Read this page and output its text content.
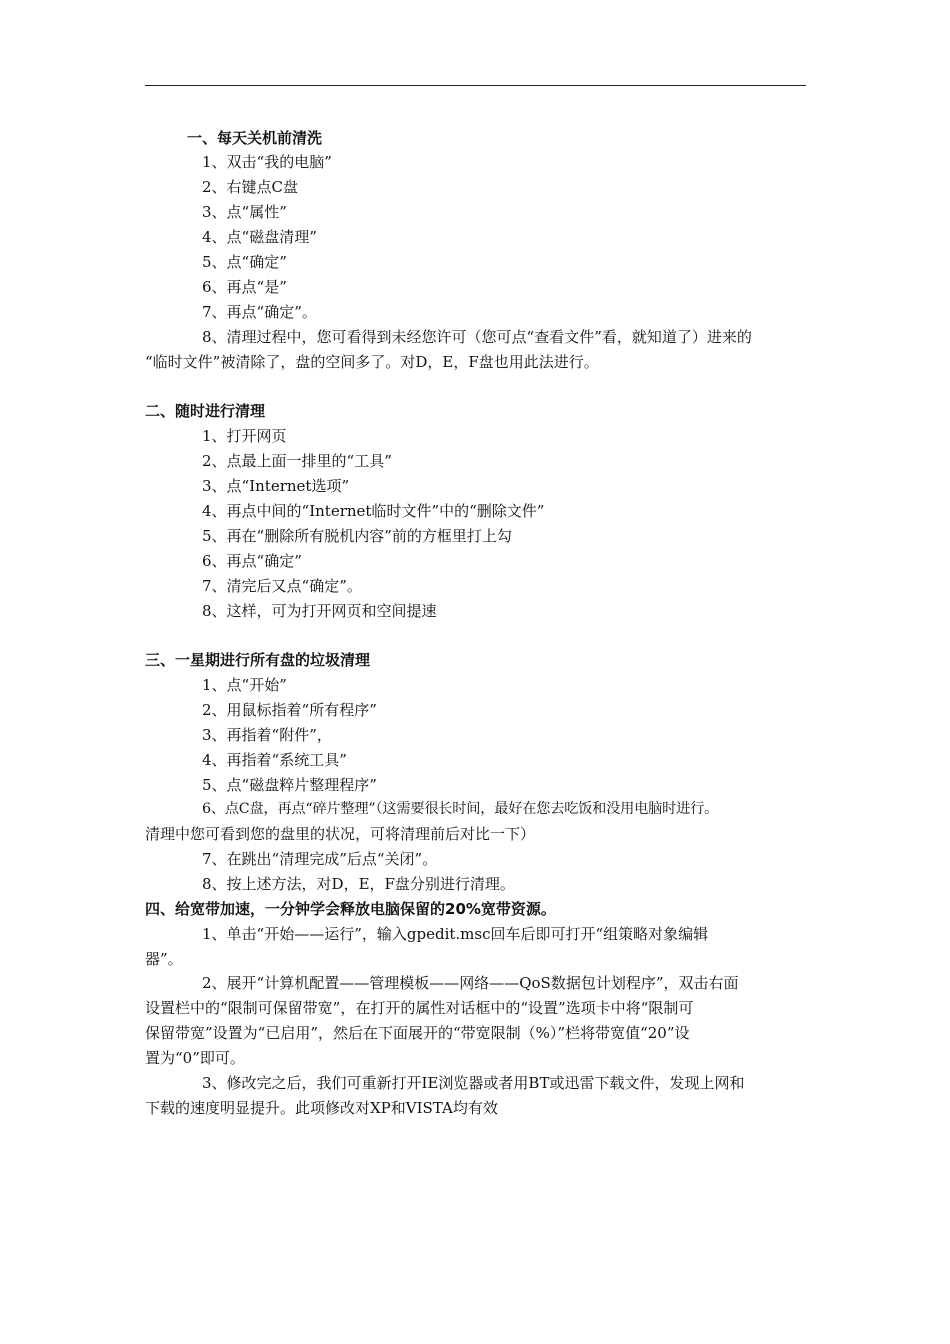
一、每天关机前清洗
1、双击“我的电脑”
2、右键点C盘
3、点“属性”
4、点“磁盘清理”
5、点“确定”
6、再点“是”
7、再点“确定”。
8、清理过程中，您可看得到未经您许可（您可点“查看文件”看，就知道了）进来的
“临时文件”被清除了，盘的空间多了。对D，E，F盘也用此法进行。
二、随时进行清理
1、打开网页
2、点最上面一排里的“工具”
3、点“Internet选项”
4、再点中间的“Internet临时文件”中的“删除文件”
5、再在“删除所有脱机内容”前的方框里打上勾
6、再点“确定”
7、清完后又点“确定”。
8、这样，可为打开网页和空间提速
三、一星期进行所有盘的垃圾清理
1、点“开始”
2、用鼠标指着“所有程序”
3、再指着“附件”，
4、再指着“系统工具”
5、点“磁盘粹片整理程序”
6、点C盘，再点“碎片整理”（这需要很长时间，最好在您去吃饭和没用电脑时进行。
清理中您可看到您的盘里的状况，可将清理前后对比一下）
7、在跳出“清理完成”后点“关闭”。
8、按上述方法，对D，E，F盘分别进行清理。
四、给宽带加速，一分钟学会释放电脑保留的20%宽带资源。
1、单击“开始——运行”，输入gpedit.msc回车后即可打开“组策略对象编辑
器”。
2、展开“计算机配置——管理模板——网络——QoS数据包计划程序”，双击右面
设置栏中的“限制可保留带宽”，在打开的属性对话框中的“设置”选项卡中将“限制可
保留带宽”设置为“已启用”，然后在下面展开的“带宽限制（%）”栏将带宽值“20”设
置为“0”即可。
3、修改完之后，我们可重新打开IE浏览器或者用BT或迅雷下载文件，发现上网和
下载的速度明显提升。此项修改对XP和VISTA均有效
